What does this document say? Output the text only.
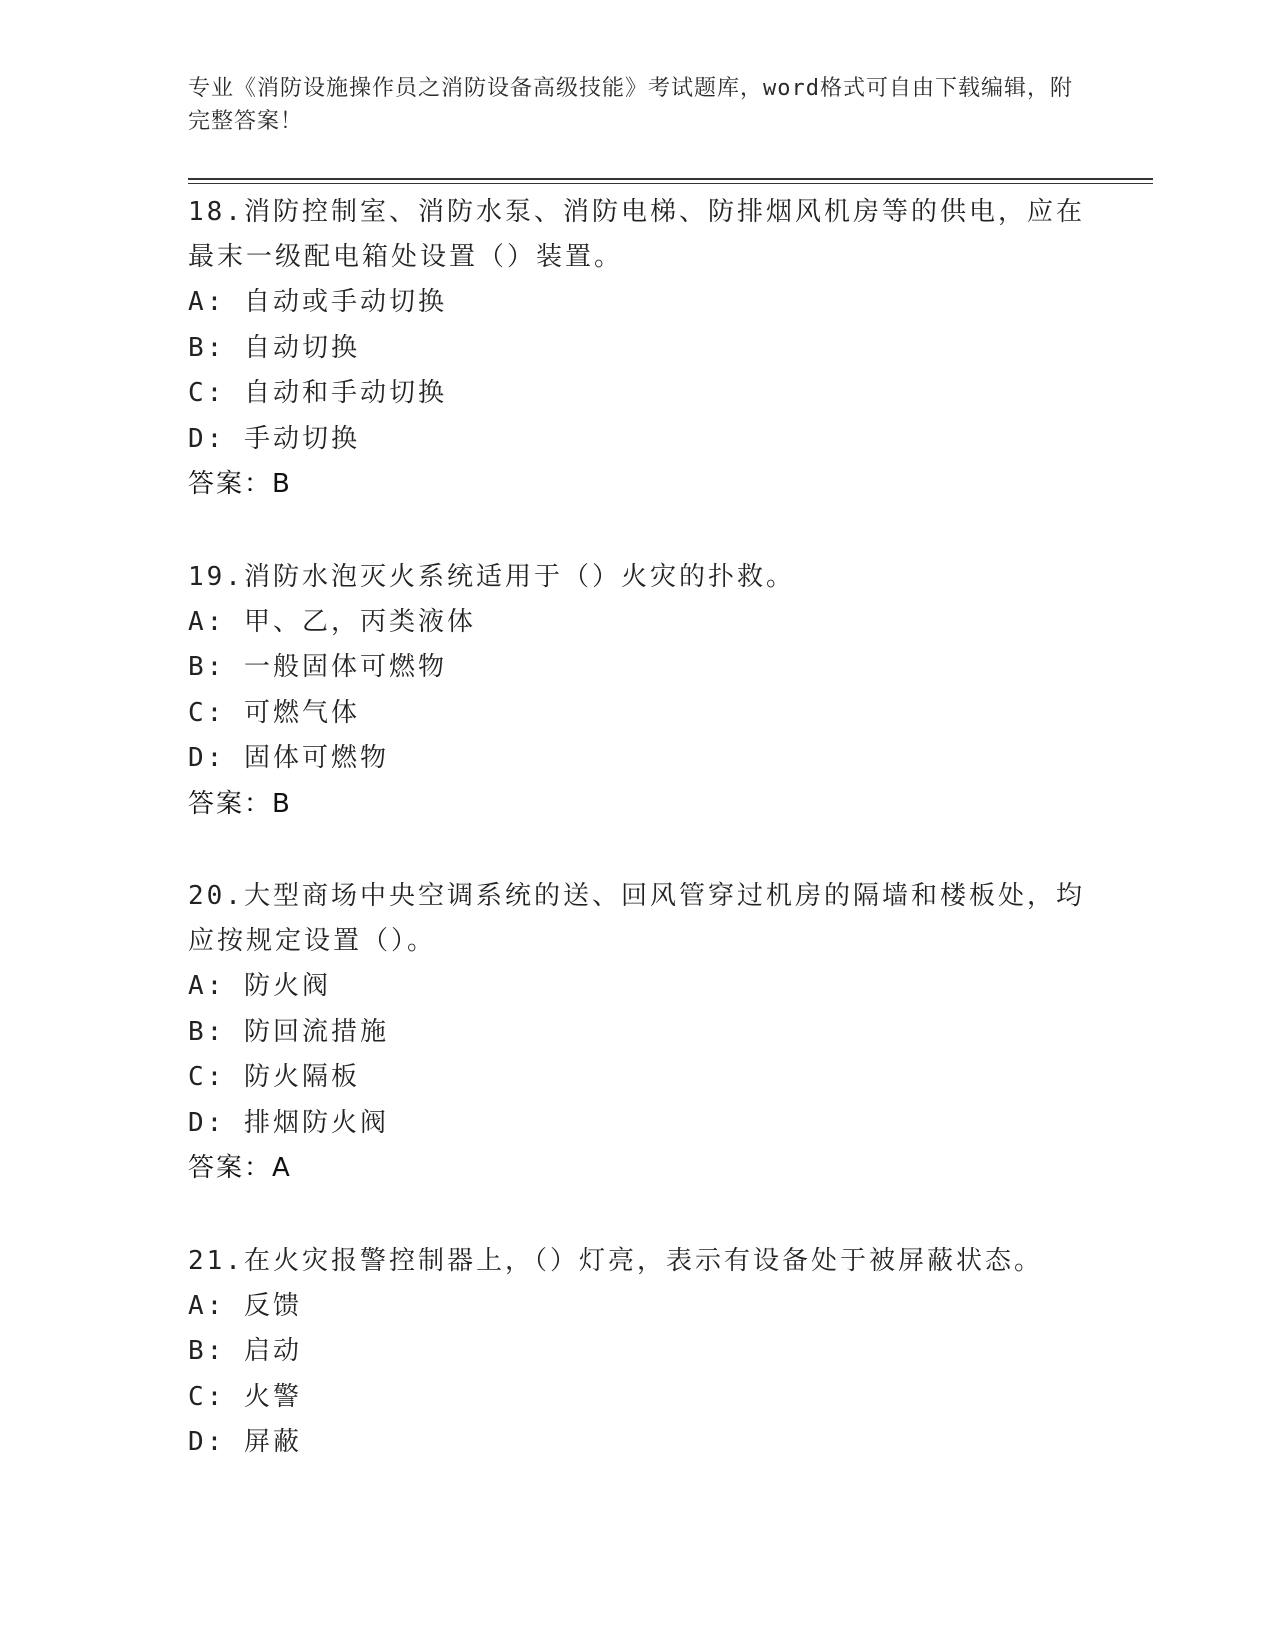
专业《消防设施操作员之消防设备高级技能》考试题库，word格式可自由下载编辑，附完整答案！
18.消防控制室、消防水泵、消防电梯、防排烟风机房等的供电，应在最末一级配电箱处设置（）装置。
A: 自动或手动切换
B: 自动切换
C: 自动和手动切换
D: 手动切换
答案：B
19.消防水泡灭火系统适用于（）火灾的扑救。
A: 甲、乙，丙类液体
B: 一般固体可燃物
C: 可燃气体
D: 固体可燃物
答案：B
20.大型商场中央空调系统的送、回风管穿过机房的隔墙和楼板处，均应按规定设置（）。
A: 防火阀
B: 防回流措施
C: 防火隔板
D: 排烟防火阀
答案：A
21.在火灾报警控制器上，（）灯亮，表示有设备处于被屏蔽状态。
A: 反馈
B: 启动
C: 火警
D: 屏蔽
